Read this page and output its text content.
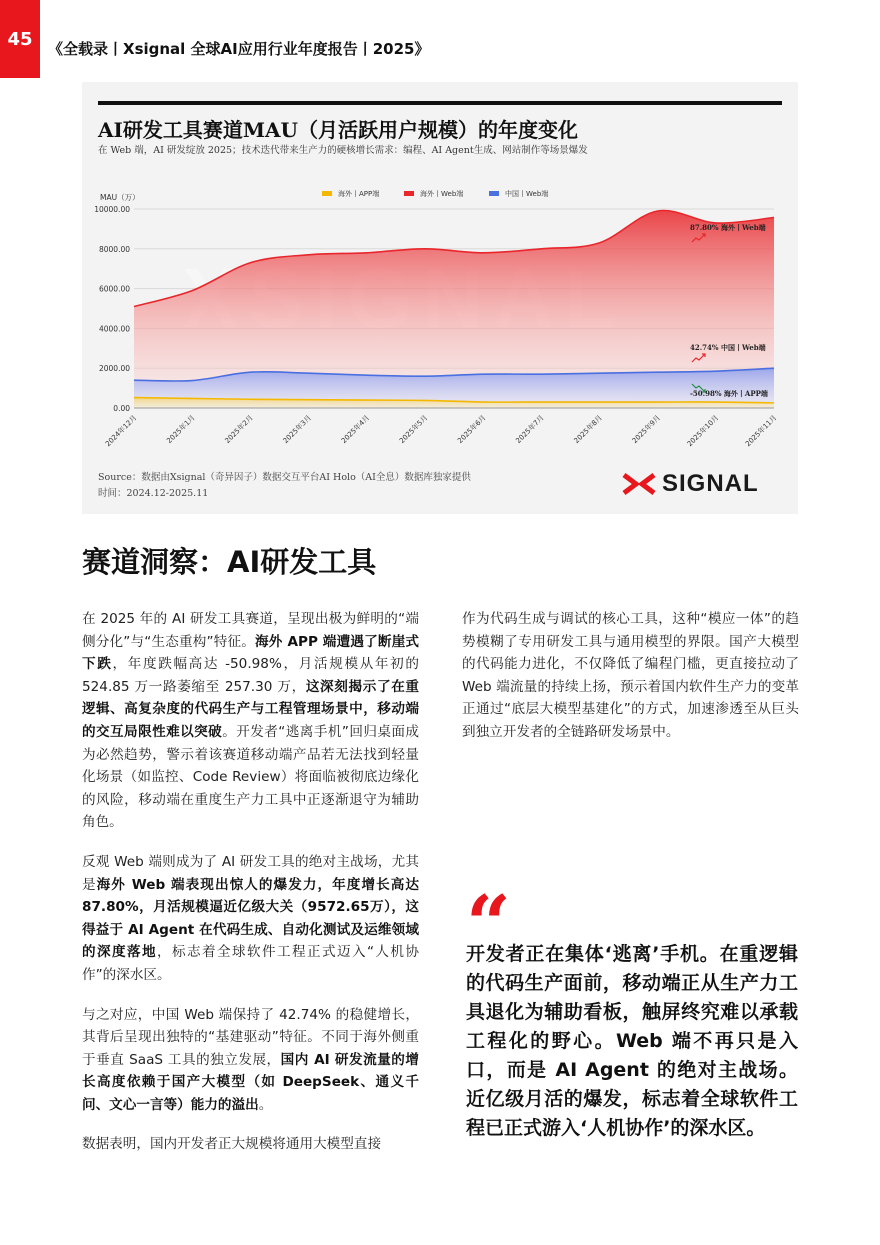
45	《全载录丨Xsignal 全球AI应用行业年度报告丨2025》
AI研发工具赛道MAU（月活跃用户规模）的年度变化
在 Web 端，AI 研发绽放 2025；技术迭代带来生产力的硬核增长需求：编程、AI Agent生成、网站制作等场景爆发
0.00
2000.00
4000.00
6000.00
8000.00
10000.00
MAU（万）
2024年12月	2025年1月	2025年2月	2025年3月	2025年4月	2025年5月	2025年6月	2025年7月	2025年8月	2025年9月	2025年10月	2025年11月
海外丨APP端	海外丨Web端	中国丨Web端
87.80% 海外丨Web端
42.74% 中国丨Web端
-50.98% 海外丨APP端
Source：数据由Xsignal（奇异因子）数据交互平台AI Holo（AI全息）数据库独家提供
时间：2024.12-2025.11	SIGNAL
赛道洞察：AI研发工具

在 2025 年的 AI 研发工具赛道，呈现出极为鲜明的“端侧分化”与“生态重构”特征。海外 APP 端遭遇了断崖式下跌，年度跌幅高达 -50.98%，月活规模从年初的 524.85 万一路萎缩至 257.30 万，这深刻揭示了在重逻辑、高复杂度的代码生产与工程管理场景中，移动端的交互局限性难以突破。开发者“逃离手机”回归桌面成为必然趋势，警示着该赛道移动端产品若无法找到轻量化场景（如监控、Code Review）将面临被彻底边缘化的风险，移动端在重度生产力工具中正逐渐退守为辅助角色。

反观 Web 端则成为了 AI 研发工具的绝对主战场，尤其是海外 Web 端表现出惊人的爆发力，年度增长高达87.80%，月活规模逼近亿级大关（9572.65万），这得益于 AI Agent 在代码生成、自动化测试及运维领域的深度落地，标志着全球软件工程正式迈入“人机协作”的深水区。

与之对应，中国 Web 端保持了 42.74% 的稳健增长，其背后呈现出独特的“基建驱动”特征。不同于海外侧重于垂直 SaaS 工具的独立发展，国内 AI 研发流量的增长高度依赖于国产大模型（如 DeepSeek、通义千问、文心一言等）能力的溢出。

数据表明，国内开发者正大规模将通用大模型直接

作为代码生成与调试的核心工具，这种“模应一体”的趋势模糊了专用研发工具与通用模型的界限。国产大模型的代码能力进化，不仅降低了编程门槛，更直接拉动了 Web 端流量的持续上扬，预示着国内软件生产力的变革正通过“底层大模型基建化”的方式，加速渗透至从巨头到独立开发者的全链路研发场景中。

“
开发者正在集体‘逃离’手机。在重逻辑的代码生产面前，移动端正从生产力工具退化为辅助看板，触屏终究难以承载工程化的野心。Web 端不再只是入口，而是 AI Agent 的绝对主战场。近亿级月活的爆发，标志着全球软件工程已正式游入‘人机协作’的深水区。
